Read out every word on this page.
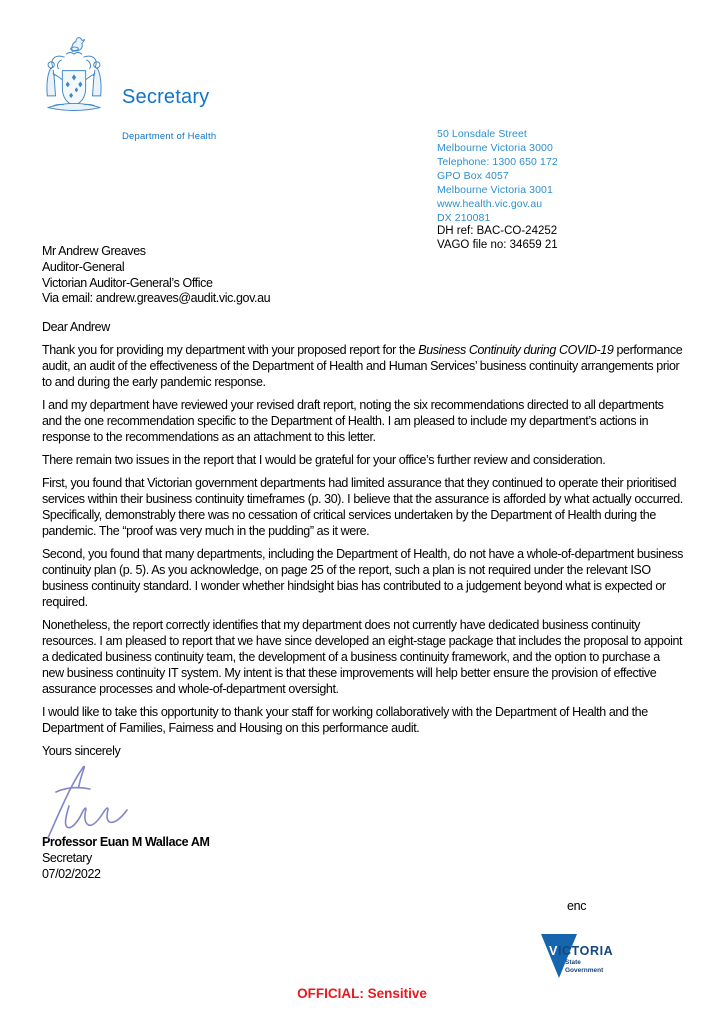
Secretary
Department of Health	50 Lonsdale Street
Melbourne Victoria 3000
Telephone: 1300 650 172
GPO Box 4057
Melbourne Victoria 3001
www.health.vic.gov.au
DX 210081
DH ref: BAC-CO-24252
VAGO file no: 34659 21
Mr Andrew Greaves
Auditor-General
Victorian Auditor-General’s Office
Via email: andrew.greaves@audit.vic.gov.au

Dear Andrew

Thank you for providing my department with your proposed report for the Business Continuity during COVID-19 performance audit, an audit of the effectiveness of the Department of Health and Human Services’ business continuity arrangements prior to and during the early pandemic response.

I and my department have reviewed your revised draft report, noting the six recommendations directed to all departments and the one recommendation specific to the Department of Health. I am pleased to include my department’s actions in response to the recommendations as an attachment to this letter.

There remain two issues in the report that I would be grateful for your office’s further review and consideration.

First, you found that Victorian government departments had limited assurance that they continued to operate their prioritised services within their business continuity timeframes (p. 30). I believe that the assurance is afforded by what actually occurred. Specifically, demonstrably there was no cessation of critical services undertaken by the Department of Health during the pandemic. The “proof was very much in the pudding” as it were.

Second, you found that many departments, including the Department of Health, do not have a whole-of-department business continuity plan (p. 5). As you acknowledge, on page 25 of the report, such a plan is not required under the relevant ISO business continuity standard. I wonder whether hindsight bias has contributed to a judgement beyond what is expected or required.

Nonetheless, the report correctly identifies that my department does not currently have dedicated business continuity resources. I am pleased to report that we have since developed an eight-stage package that includes the proposal to appoint a dedicated business continuity team, the development of a business continuity framework, and the option to purchase a new business continuity IT system. My intent is that these improvements will help better ensure the provision of effective assurance processes and whole-of-department oversight.

I would like to take this opportunity to thank your staff for working collaboratively with the Department of Health and the Department of Families, Fairness and Housing on this performance audit.

Yours sincerely

Professor Euan M Wallace AM
Secretary
07/02/2022
enc
VICTORIA
State
Government
OFFICIAL: Sensitive
